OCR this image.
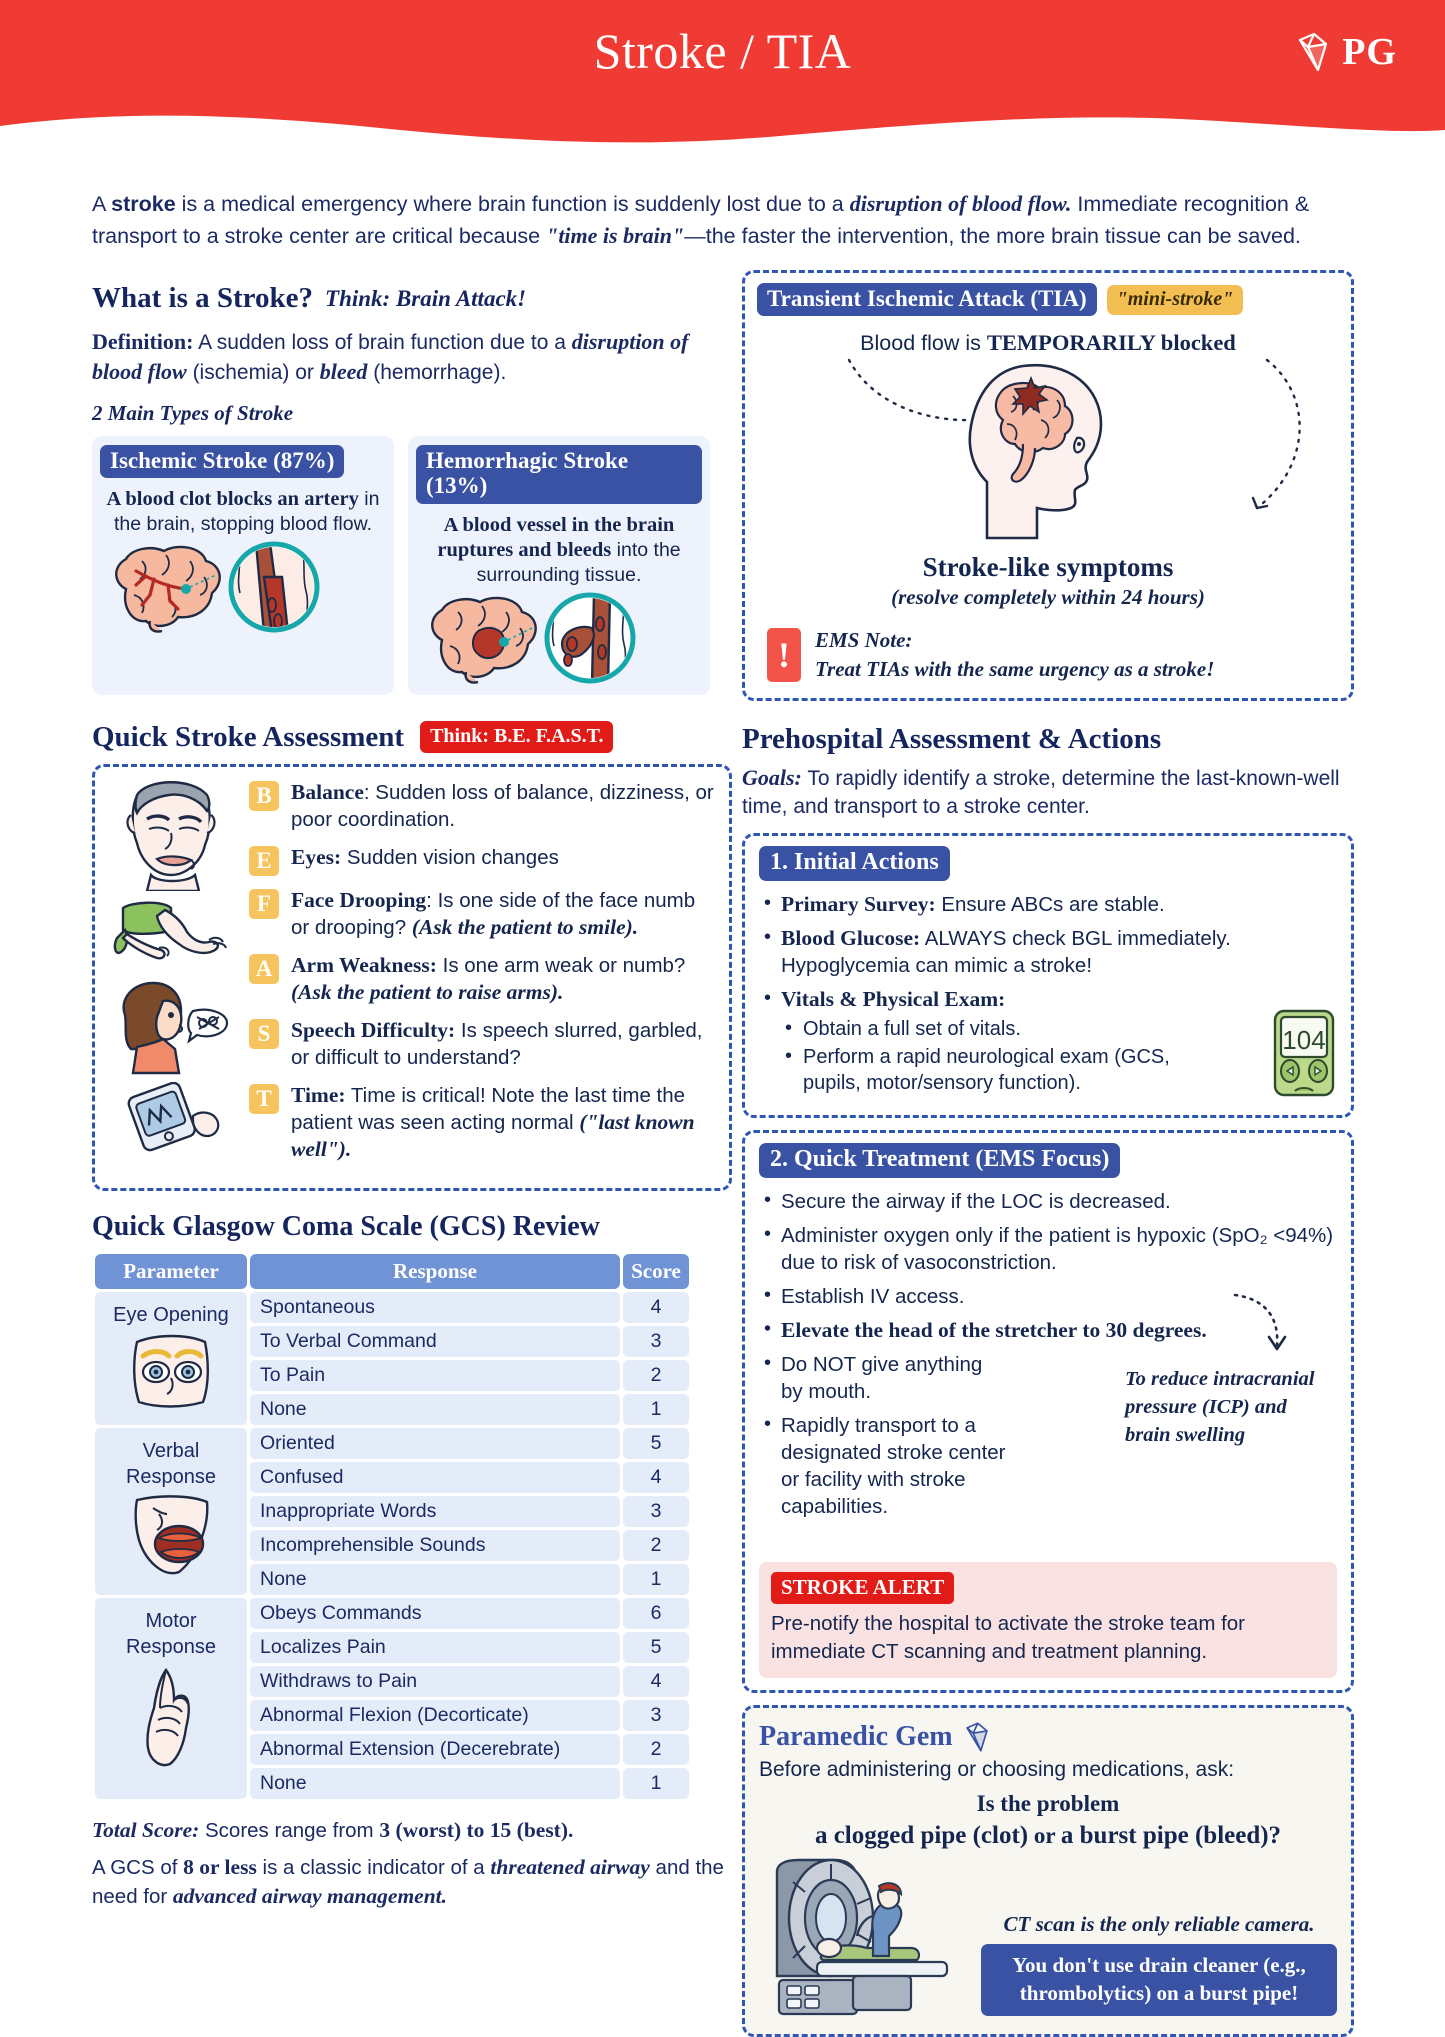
Stroke / TIA	PG
A stroke is a medical emergency where brain function is suddenly lost due to a disruption of blood flow. Immediate recognition & transport to a stroke center are critical because "time is brain"—the faster the intervention, the more brain tissue can be saved.
What is a Stroke? Think: Brain Attack!
Definition: A sudden loss of brain function due to a disruption of blood flow (ischemia) or bleed (hemorrhage).
2 Main Types of Stroke
Ischemic Stroke (87%)
A blood clot blocks an artery in the brain, stopping blood flow.
Hemorrhagic Stroke (13%)
A blood vessel in the brain ruptures and bleeds into the surrounding tissue.
Quick Stroke Assessment	Think: B.E. F.A.S.T.

B Balance: Sudden loss of balance, dizziness, or poor coordination.
E Eyes: Sudden vision changes
F Face Drooping: Is one side of the face numb or drooping? (Ask the patient to smile).
A Arm Weakness: Is one arm weak or numb? (Ask the patient to raise arms).
S Speech Difficulty: Is speech slurred, garbled, or difficult to understand?
T Time: Time is critical! Note the last time the patient was seen acting normal ("last known well").
Quick Glasgow Coma Scale (GCS) Review
Parameter	Response	Score

Eye Opening	Spontaneous	4
	To Verbal Command	3
	To Pain	2
	None	1

Verbal Response	Oriented	5
	Confused	4
	Inappropriate Words	3
	Incomprehensible Sounds	2
	None	1

Motor Response	Obeys Commands	6
	Localizes Pain	5
	Withdraws to Pain	4
	Abnormal Flexion (Decorticate)	3
	Abnormal Extension (Decerebrate)	2
	None	1
Total Score: Scores range from 3 (worst) to 15 (best).
A GCS of 8 or less is a classic indicator of a threatened airway and the need for advanced airway management.
Transient Ischemic Attack (TIA)	"mini-stroke"
Blood flow is TEMPORARILY blocked
Stroke-like symptoms
(resolve completely within 24 hours)
!	EMS Note:
Treat TIAs with the same urgency as a stroke!
Prehospital Assessment & Actions
Goals: To rapidly identify a stroke, determine the last-known-well time, and transport to a stroke center.
1. Initial Actions
• Primary Survey: Ensure ABCs are stable.
• Blood Glucose: ALWAYS check BGL immediately. Hypoglycemia can mimic a stroke!
• Vitals & Physical Exam:
• Obtain a full set of vitals.
• Perform a rapid neurological exam (GCS, pupils, motor/sensory function).
104
2. Quick Treatment (EMS Focus)
• Secure the airway if the LOC is decreased.
• Administer oxygen only if the patient is hypoxic (SpO₂ <94%) due to risk of vasoconstriction.
• Establish IV access.
• Elevate the head of the stretcher to 30 degrees.
• Do NOT give anything by mouth.
• Rapidly transport to a designated stroke center or facility with stroke capabilities.
To reduce intracranial pressure (ICP) and brain swelling
STROKE ALERT
Pre-notify the hospital to activate the stroke team for immediate CT scanning and treatment planning.
Paramedic Gem
Before administering or choosing medications, ask:
Is the problem
a clogged pipe (clot) or a burst pipe (bleed)?
CT scan is the only reliable camera.
You don't use drain cleaner (e.g., thrombolytics) on a burst pipe!
